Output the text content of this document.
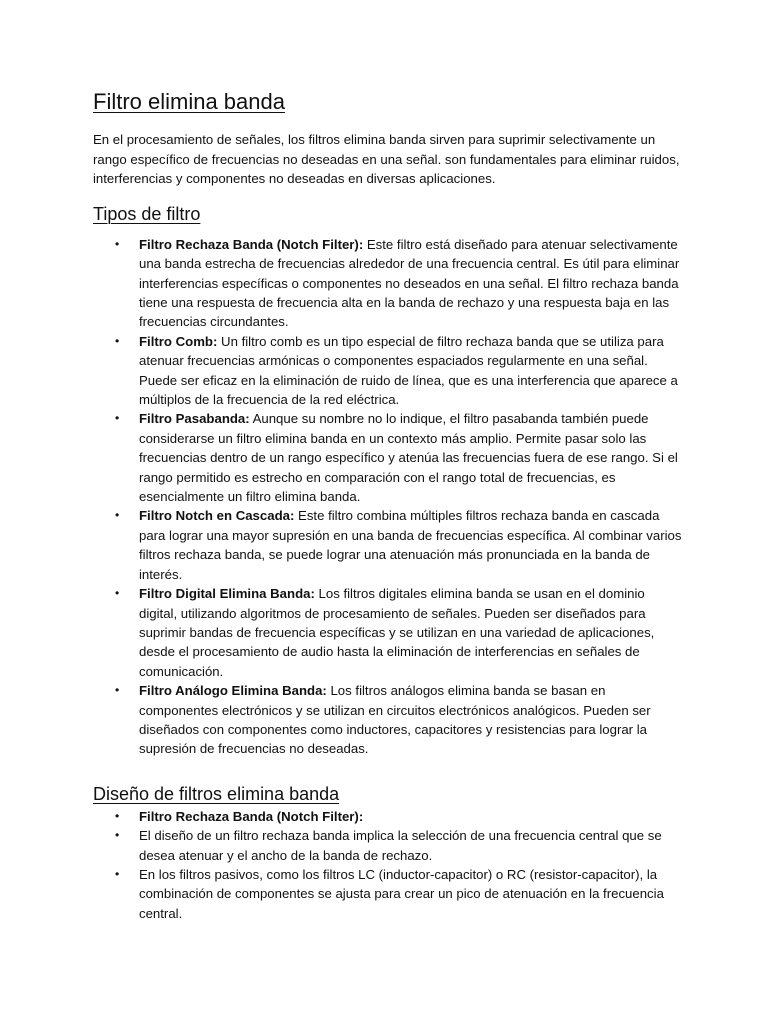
Filtro elimina banda

En el procesamiento de señales, los filtros elimina banda sirven para suprimir selectivamente un rango específico de frecuencias no deseadas en una señal. son fundamentales para eliminar ruidos, interferencias y componentes no deseadas en diversas aplicaciones.

Tipos de filtro
• Filtro Rechaza Banda (Notch Filter): Este filtro está diseñado para atenuar selectivamente una banda estrecha de frecuencias alrededor de una frecuencia central. Es útil para eliminar interferencias específicas o componentes no deseados en una señal. El filtro rechaza banda tiene una respuesta de frecuencia alta en la banda de rechazo y una respuesta baja en las frecuencias circundantes.
• Filtro Comb: Un filtro comb es un tipo especial de filtro rechaza banda que se utiliza para atenuar frecuencias armónicas o componentes espaciados regularmente en una señal. Puede ser eficaz en la eliminación de ruido de línea, que es una interferencia que aparece a múltiplos de la frecuencia de la red eléctrica.
• Filtro Pasabanda: Aunque su nombre no lo indique, el filtro pasabanda también puede considerarse un filtro elimina banda en un contexto más amplio. Permite pasar solo las frecuencias dentro de un rango específico y atenúa las frecuencias fuera de ese rango. Si el rango permitido es estrecho en comparación con el rango total de frecuencias, es esencialmente un filtro elimina banda.
• Filtro Notch en Cascada: Este filtro combina múltiples filtros rechaza banda en cascada para lograr una mayor supresión en una banda de frecuencias específica. Al combinar varios filtros rechaza banda, se puede lograr una atenuación más pronunciada en la banda de interés.
• Filtro Digital Elimina Banda: Los filtros digitales elimina banda se usan en el dominio digital, utilizando algoritmos de procesamiento de señales. Pueden ser diseñados para suprimir bandas de frecuencia específicas y se utilizan en una variedad de aplicaciones, desde el procesamiento de audio hasta la eliminación de interferencias en señales de comunicación.
• Filtro Análogo Elimina Banda: Los filtros análogos elimina banda se basan en componentes electrónicos y se utilizan en circuitos electrónicos analógicos. Pueden ser diseñados con componentes como inductores, capacitores y resistencias para lograr la supresión de frecuencias no deseadas.
Diseño de filtros elimina banda
• Filtro Rechaza Banda (Notch Filter):
• El diseño de un filtro rechaza banda implica la selección de una frecuencia central que se desea atenuar y el ancho de la banda de rechazo.
• En los filtros pasivos, como los filtros LC (inductor-capacitor) o RC (resistor-capacitor), la combinación de componentes se ajusta para crear un pico de atenuación en la frecuencia central.
